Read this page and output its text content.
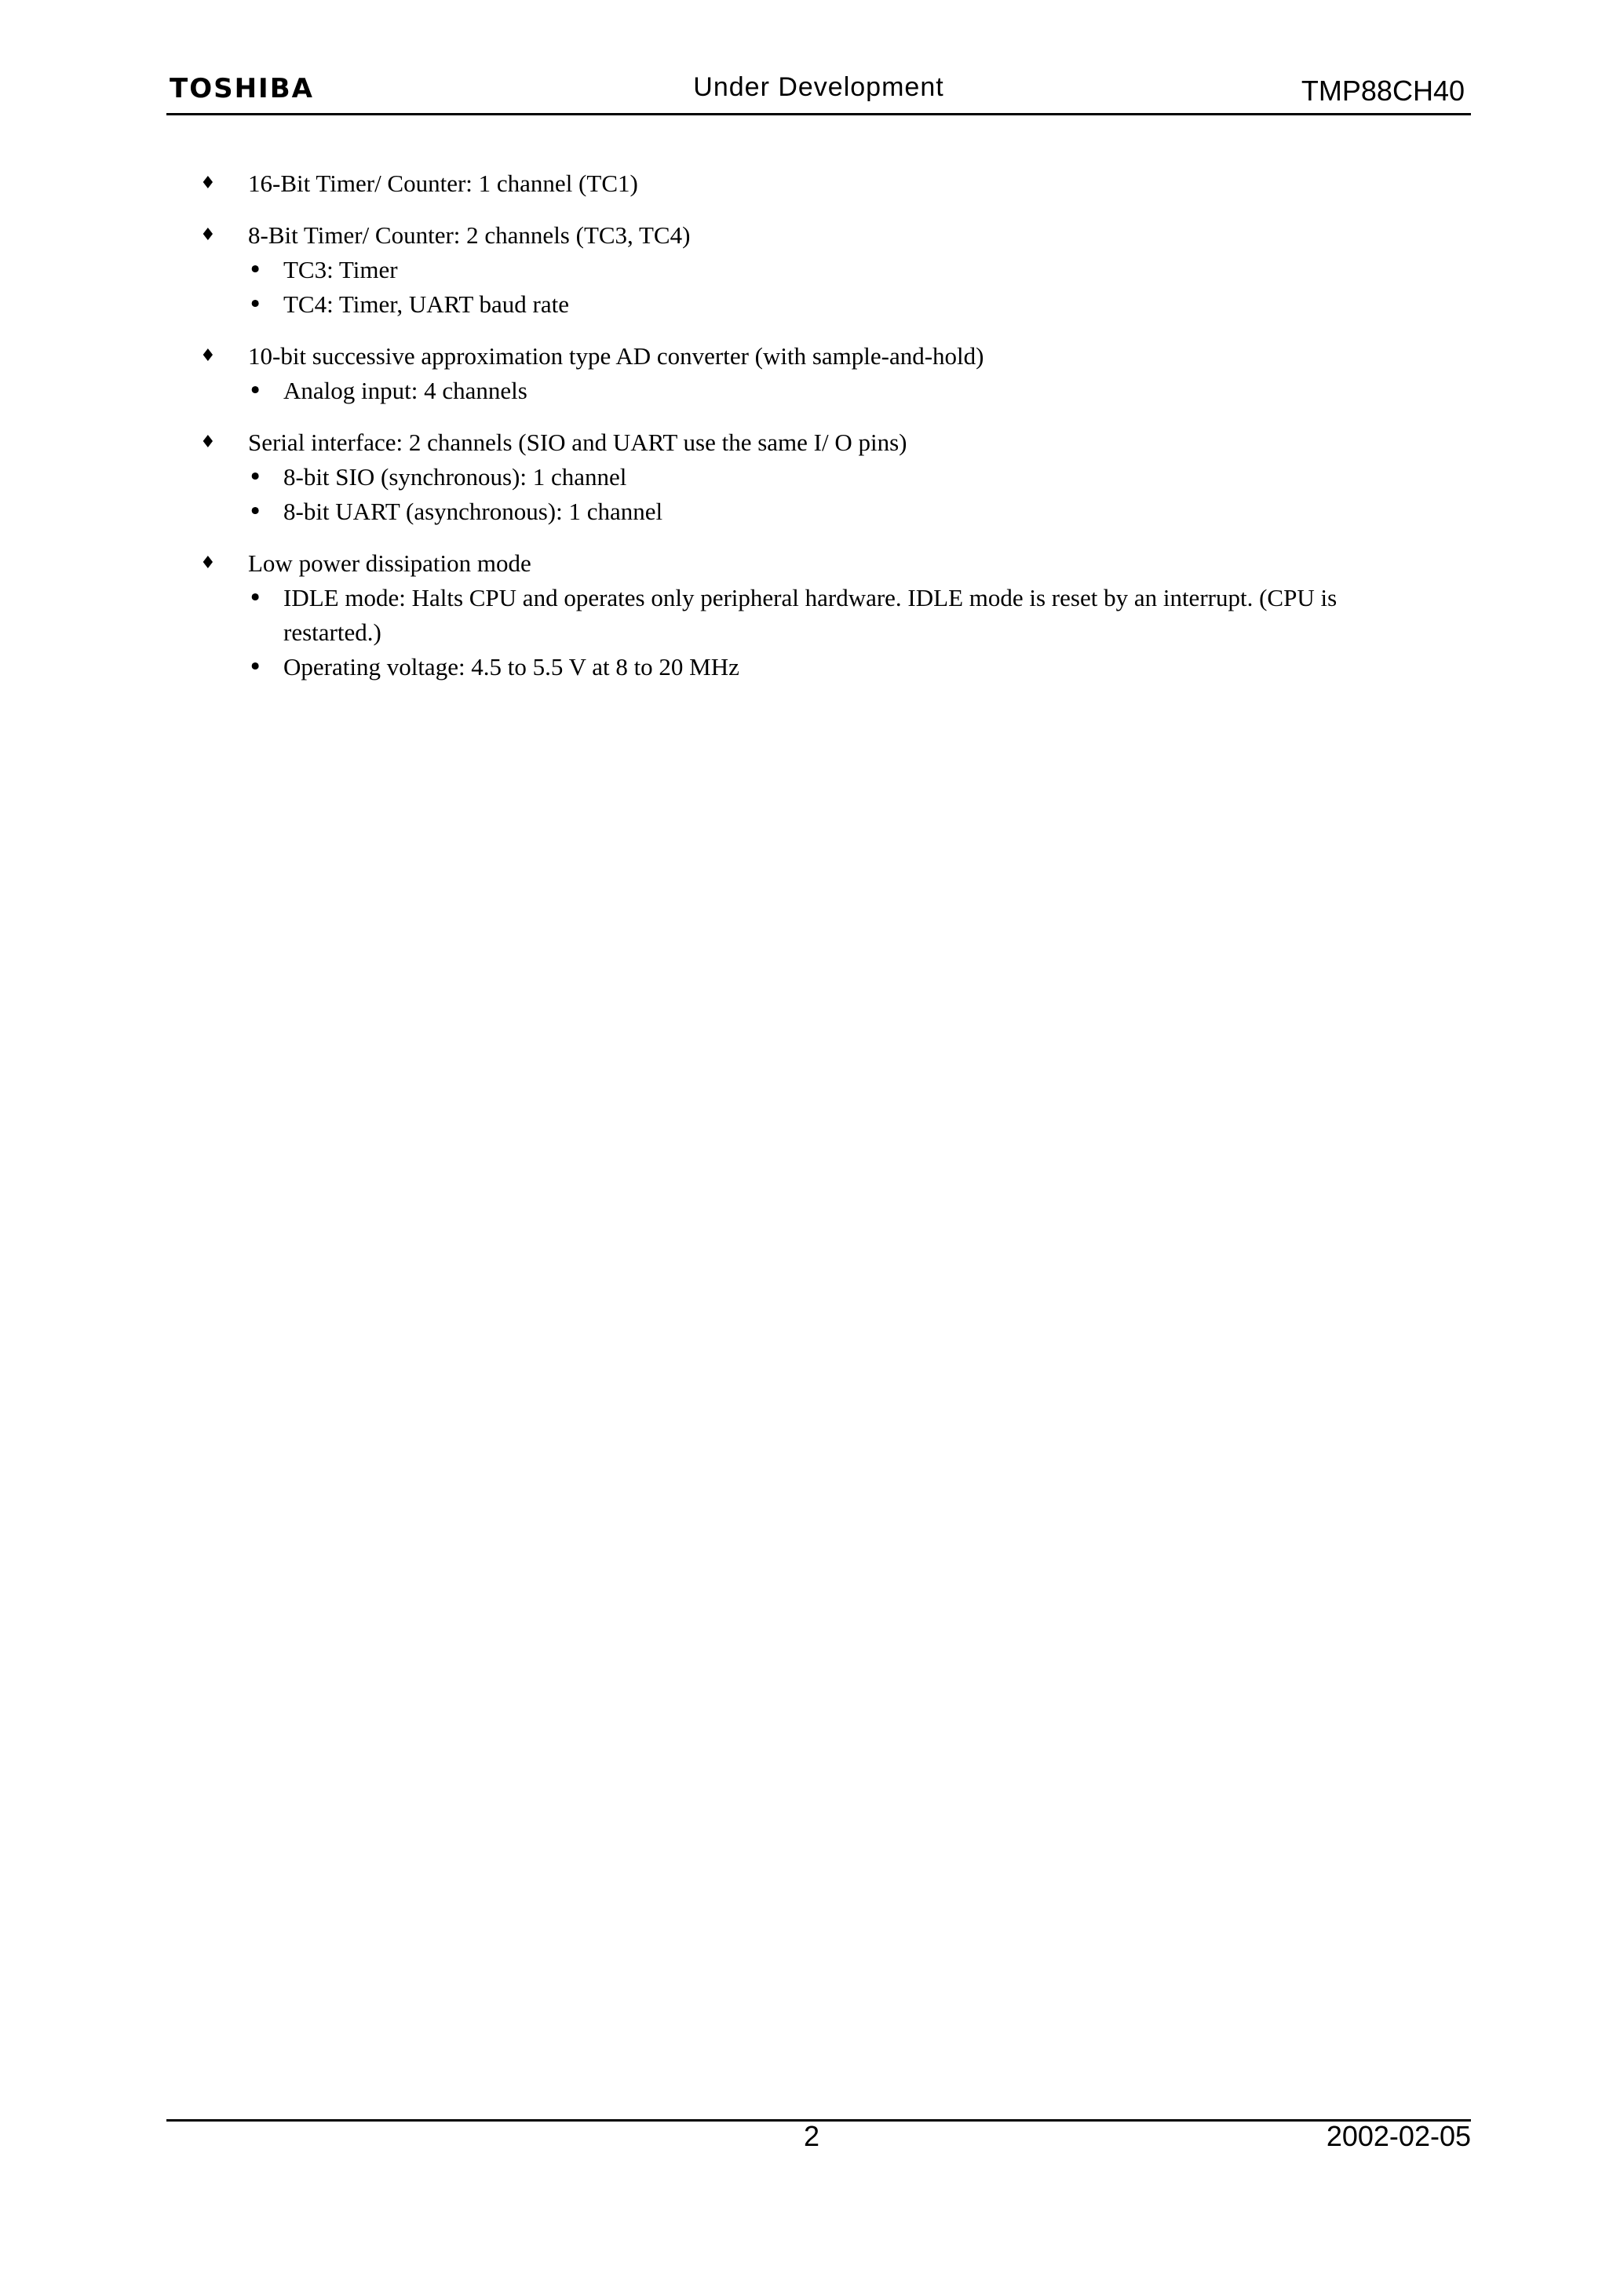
TOSHIBA	Under Development	TMP88CH40
♦	16-Bit Timer/ Counter: 1 channel (TC1)
♦	8-Bit Timer/ Counter: 2 channels (TC3, TC4)
• TC3: Timer
• TC4: Timer, UART baud rate
♦	10-bit successive approximation type AD converter (with sample-and-hold)
• Analog input: 4 channels
♦	Serial interface: 2 channels (SIO and UART use the same I/ O pins)
• 8-bit SIO (synchronous): 1 channel
• 8-bit UART (asynchronous): 1 channel
♦	Low power dissipation mode
• IDLE mode: Halts CPU and operates only peripheral hardware. IDLE mode is reset by an interrupt. (CPU is restarted.)
• Operating voltage: 4.5 to 5.5 V at 8 to 20 MHz
2	2002-02-05
